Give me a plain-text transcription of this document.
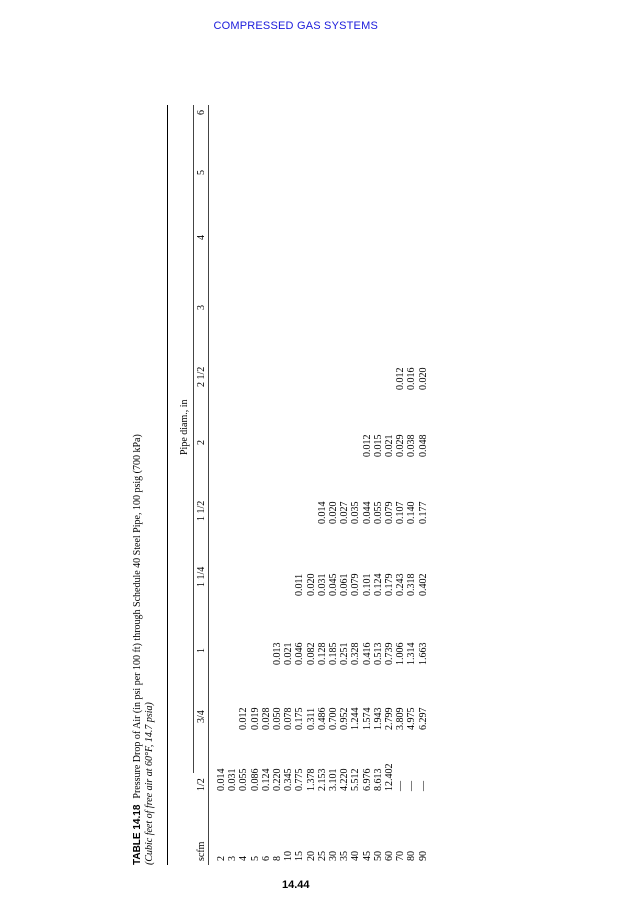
COMPRESSED GAS SYSTEMS
TABLE 14.18Pressure Drop of Air (in psi per 100 ft) through Schedule 40 Steel Pipe, 100 psig (700 kPa) (Cubic feet of free air at 60°F, 14.7 psia)
Pipe diam., in
scfm
1/2
3/4
1
1 1/4
1 1/2
2
2 1/2
3
4
5
6
2
3
4
5
6
8
10
15
20
25
30
35
40
45
50
60
70
80
90
0.014
0.031
0.055
0.086
0.124
0.220
0.345
0.775
1.378
2.153
3.101
4.220
5.512
6.976
8.613
12.402
—
—
—

0.012
0.019
0.028
0.050
0.078
0.175
0.311
0.486
0.700
0.952
1.244
1.574
1.943
2.799
3.809
4.975
6.297

0.013
0.021
0.046
0.082
0.128
0.185
0.251
0.328
0.416
0.513
0.739
1.006
1.314
1.663

0.011
0.020
0.031
0.045
0.061
0.079
0.101
0.124
0.179
0.243
0.318
0.402

0.014
0.020
0.027
0.035
0.044
0.055
0.079
0.107
0.140
0.177

0.012
0.015
0.021
0.029
0.038
0.048

0.012
0.016
0.020
14.44
